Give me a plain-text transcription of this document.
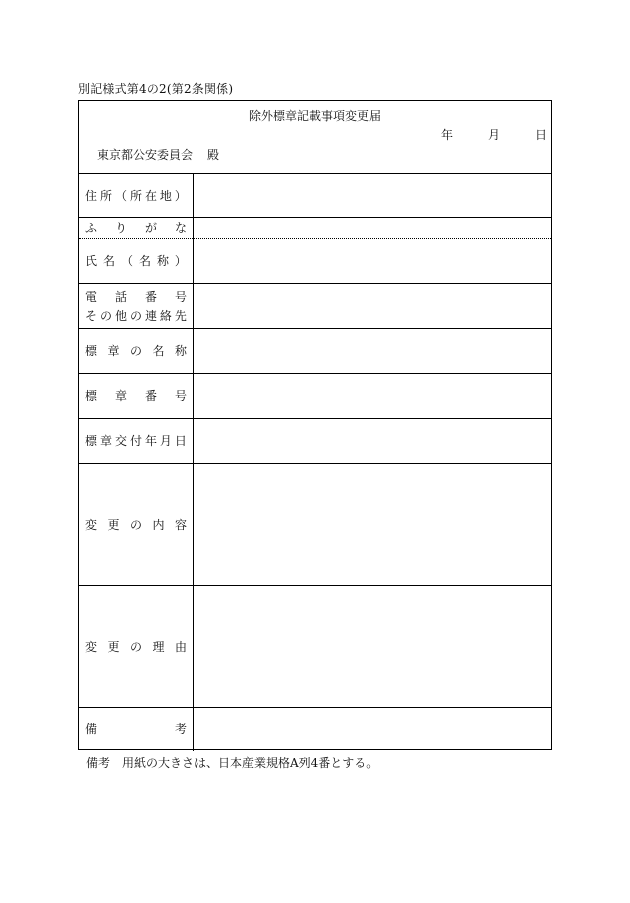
別記様式第4の2(第2条関係)
除外標章記載事項変更届
年	月	日
東京都公安委員会 殿
住 所 （ 所 在 地 ）
ふ り が な
氏 名 （ 名 称 ）
電 話 番 号
そ の 他 の 連 絡 先
標 章 の 名 称
標 章 番 号
標 章 交 付 年 月 日
変 更 の 内 容
変 更 の 理 由
備	考
備考　用紙の大きさは、日本産業規格A列4番とする。
